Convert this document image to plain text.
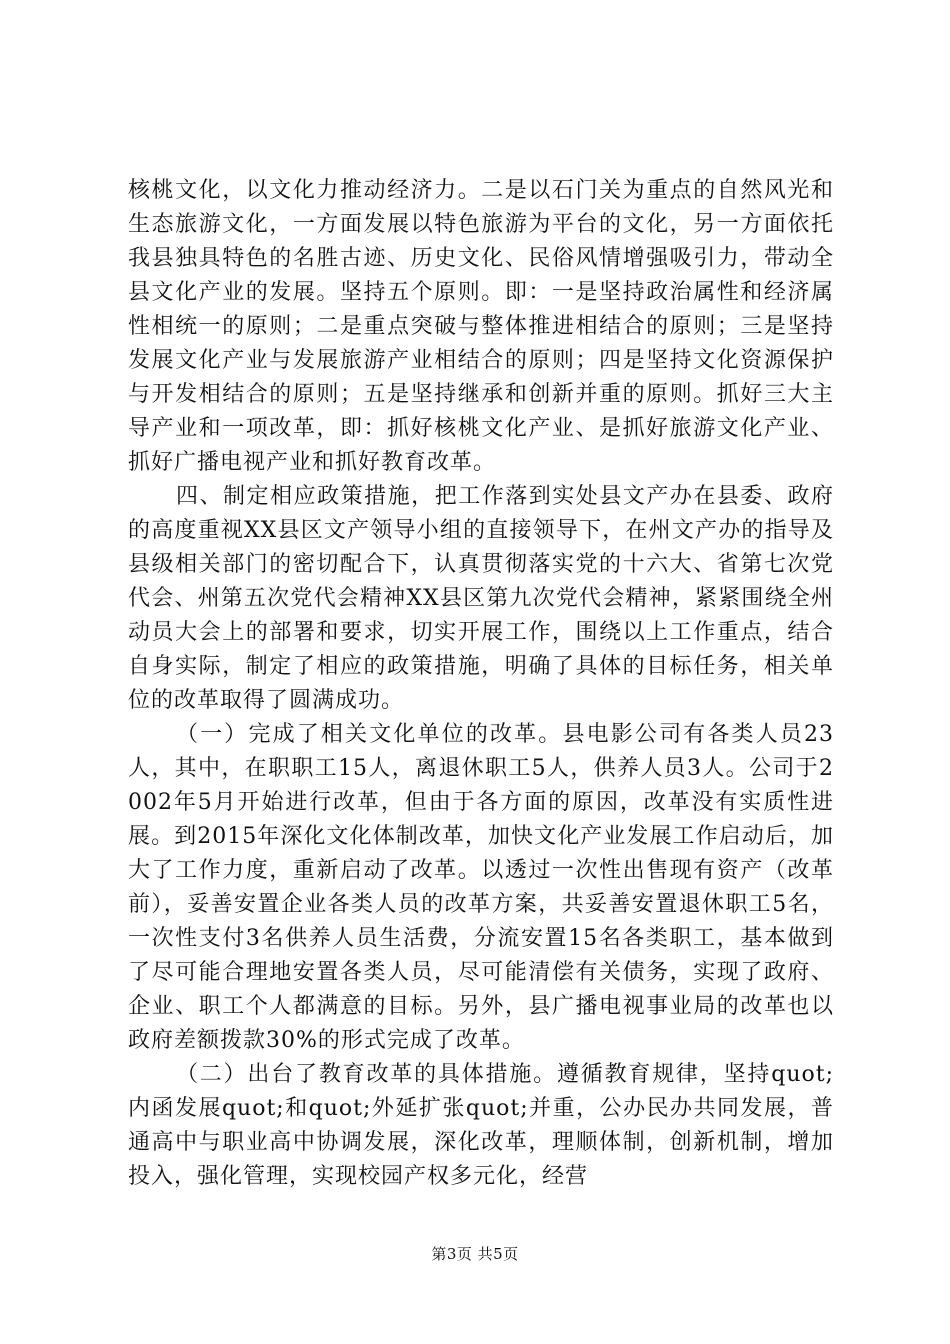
核桃文化，以文化力推动经济力。二是以石门关为重点的自然风光和生态旅游文化，一方面发展以特色旅游为平台的文化，另一方面依托我县独具特色的名胜古迹、历史文化、民俗风情增强吸引力，带动全县文化产业的发展。坚持五个原则。即：一是坚持政治属性和经济属性相统一的原则；二是重点突破与整体推进相结合的原则；三是坚持发展文化产业与发展旅游产业相结合的原则；四是坚持文化资源保护与开发相结合的原则；五是坚持继承和创新并重的原则。抓好三大主导产业和一项改革，即：抓好核桃文化产业、是抓好旅游文化产业、抓好广播电视产业和抓好教育改革。

四、制定相应政策措施，把工作落到实处县文产办在县委、政府的高度重视XX县区文产领导小组的直接领导下，在州文产办的指导及县级相关部门的密切配合下，认真贯彻落实党的十六大、省第七次党代会、州第五次党代会精神XX县区第九次党代会精神，紧紧围绕全州动员大会上的部署和要求，切实开展工作，围绕以上工作重点，结合自身实际，制定了相应的政策措施，明确了具体的目标任务，相关单位的改革取得了圆满成功。

（一）完成了相关文化单位的改革。县电影公司有各类人员23人，其中，在职职工15人，离退休职工5人，供养人员3人。公司于2002年5月开始进行改革，但由于各方面的原因，改革没有实质性进展。到2015年深化文化体制改革，加快文化产业发展工作启动后，加大了工作力度，重新启动了改革。以透过一次性出售现有资产（改革前），妥善安置企业各类人员的改革方案，共妥善安置退休职工5名，一次性支付3名供养人员生活费，分流安置15名各类职工，基本做到了尽可能合理地安置各类人员，尽可能清偿有关债务，实现了政府、企业、职工个人都满意的目标。另外，县广播电视事业局的改革也以政府差额拨款30%的形式完成了改革。

（二）出台了教育改革的具体措施。遵循教育规律，坚持quot;内函发展quot;和quot;外延扩张quot;并重，公办民办共同发展，普通高中与职业高中协调发展，深化改革，理顺体制，创新机制，增加投入，强化管理，实现校园产权多元化，经营

第3页 共5页
